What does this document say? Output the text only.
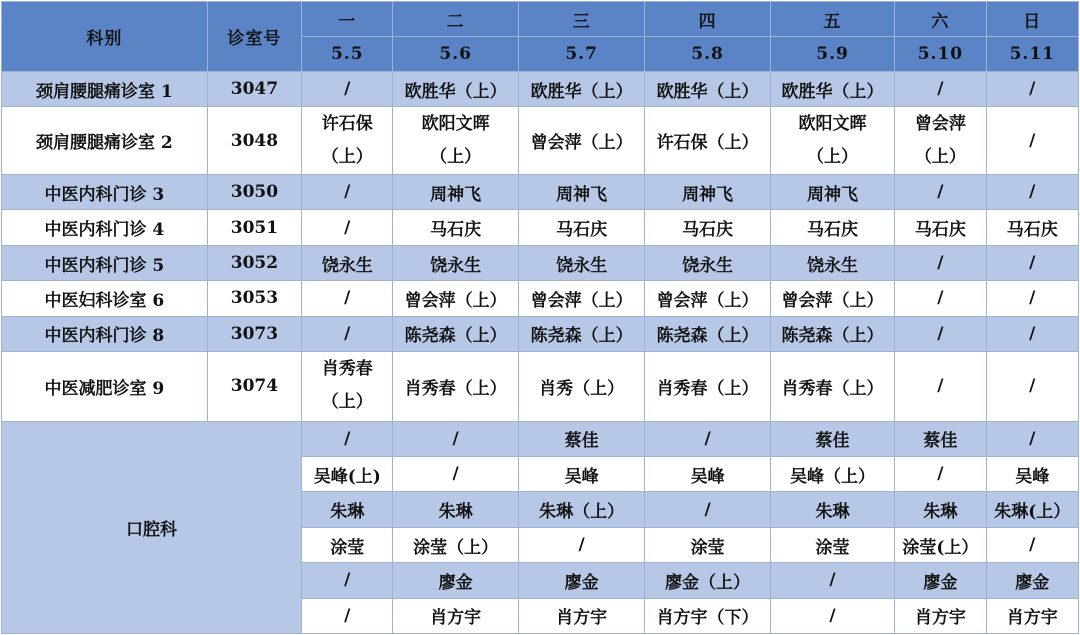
科别	诊室号	一	二	三	四	五	六	日
		5.5	5.6	5.7	5.8	5.9	5.10	5.11
颈肩腰腿痛诊室 1	3047	/	欧胜华（上）	欧胜华（上）	欧胜华（上）	欧胜华（上）	/	/
颈肩腰腿痛诊室 2	3048	许石保
（上）	欧阳文晖
（上）	曾会萍（上）	许石保（上）	欧阳文晖
（上）	曾会萍
（上）	/
中医内科门诊 3	3050	/	周神飞	周神飞	周神飞	周神飞	/	/
中医内科门诊 4	3051	/	马石庆	马石庆	马石庆	马石庆	马石庆	马石庆
中医内科门诊 5	3052	饶永生	饶永生	饶永生	饶永生	饶永生	/	/
中医妇科诊室 6	3053	/	曾会萍（上）	曾会萍（上）	曾会萍（上）	曾会萍（上）	/	/
中医内科门诊 8	3073	/	陈尧森（上）	陈尧森（上）	陈尧森（上）	陈尧森（上）	/	/
中医减肥诊室 9	3074	肖秀春
（上）	肖秀春（上）	肖秀（上）	肖秀春（上）	肖秀春（上）	/	/
口腔科		/	/	蔡佳	/	蔡佳	蔡佳	/
		吴峰(上)	/	吴峰	吴峰	吴峰（上）	/	吴峰
		朱琳	朱琳	朱琳（上）	/	朱琳	朱琳	朱琳(上）
		涂莹	涂莹（上）	/	涂莹	涂莹	涂莹(上）	/
		/	廖金	廖金	廖金（上）	/	廖金	廖金
		/	肖方宇	肖方宇	肖方宇（下）	/	肖方宇	肖方宇
